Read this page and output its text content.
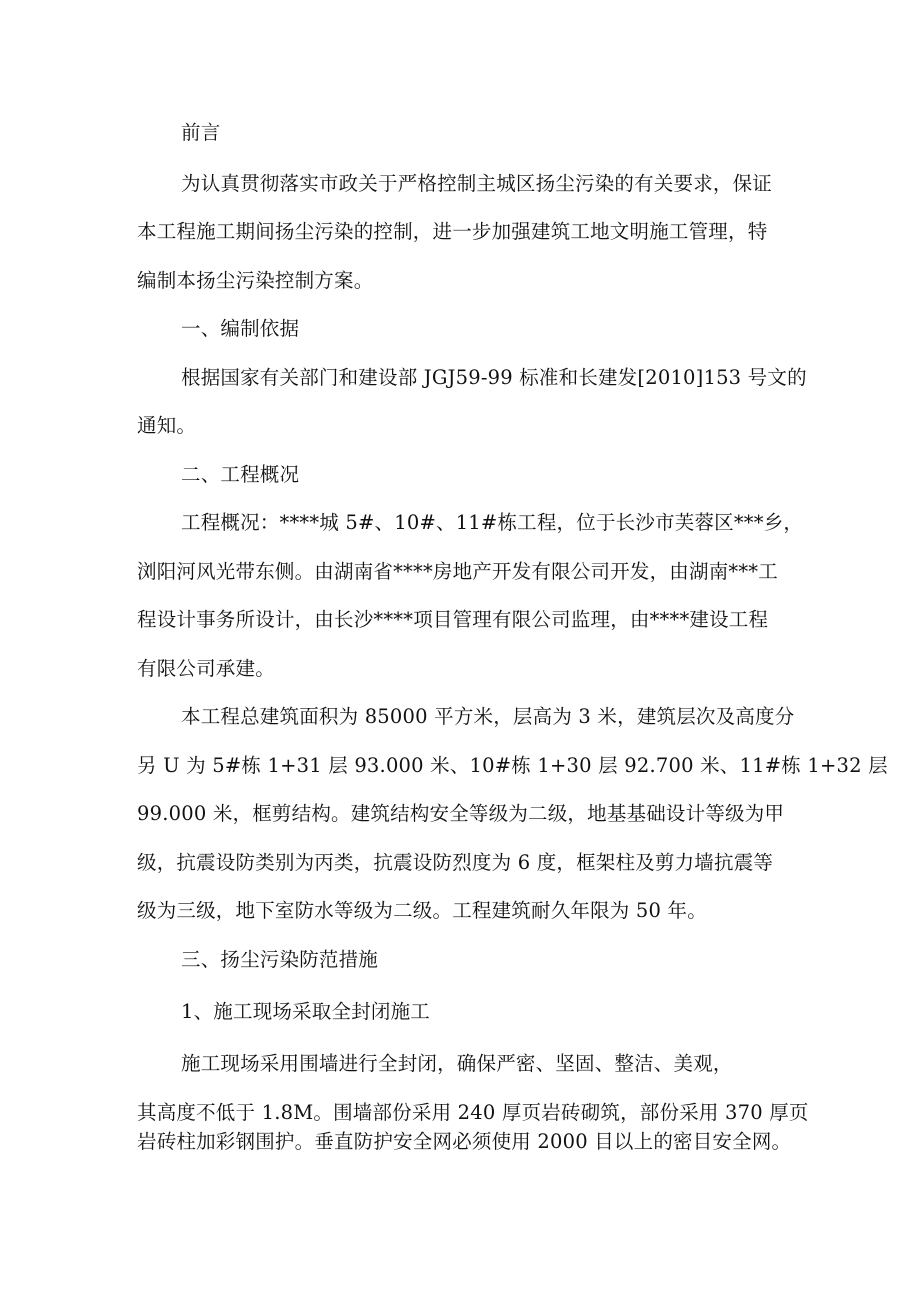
前言
为认真贯彻落实市政关于严格控制主城区扬尘污染的有关要求，保证
本工程施工期间扬尘污染的控制，进一步加强建筑工地文明施工管理，特
编制本扬尘污染控制方案。
一、编制依据
根据国家有关部门和建设部 JGJ59-99 标准和长建发[2010]153 号文的
通知。
二、工程概况
工程概况：****城 5#、10#、11#栋工程，位于长沙市芙蓉区***乡，
浏阳河风光带东侧。由湖南省****房地产开发有限公司开发，由湖南***工
程设计事务所设计，由长沙****项目管理有限公司监理，由****建设工程
有限公司承建。
本工程总建筑面积为 85000 平方米，层高为 3 米，建筑层次及高度分
另 U 为 5#栋 1+31 层 93.000 米、10#栋 1+30 层 92.700 米、11#栋 1+32 层
99.000 米，框剪结构。建筑结构安全等级为二级，地基基础设计等级为甲
级，抗震设防类别为丙类，抗震设防烈度为 6 度，框架柱及剪力墙抗震等
级为三级，地下室防水等级为二级。工程建筑耐久年限为 50 年。
三、扬尘污染防范措施
1、施工现场采取全封闭施工
施工现场采用围墙进行全封闭，确保严密、坚固、整洁、美观，
其高度不低于 1.8M。围墙部份采用 240 厚页岩砖砌筑，部份采用 370 厚页
岩砖柱加彩钢围护。垂直防护安全网必须使用 2000 目以上的密目安全网。
